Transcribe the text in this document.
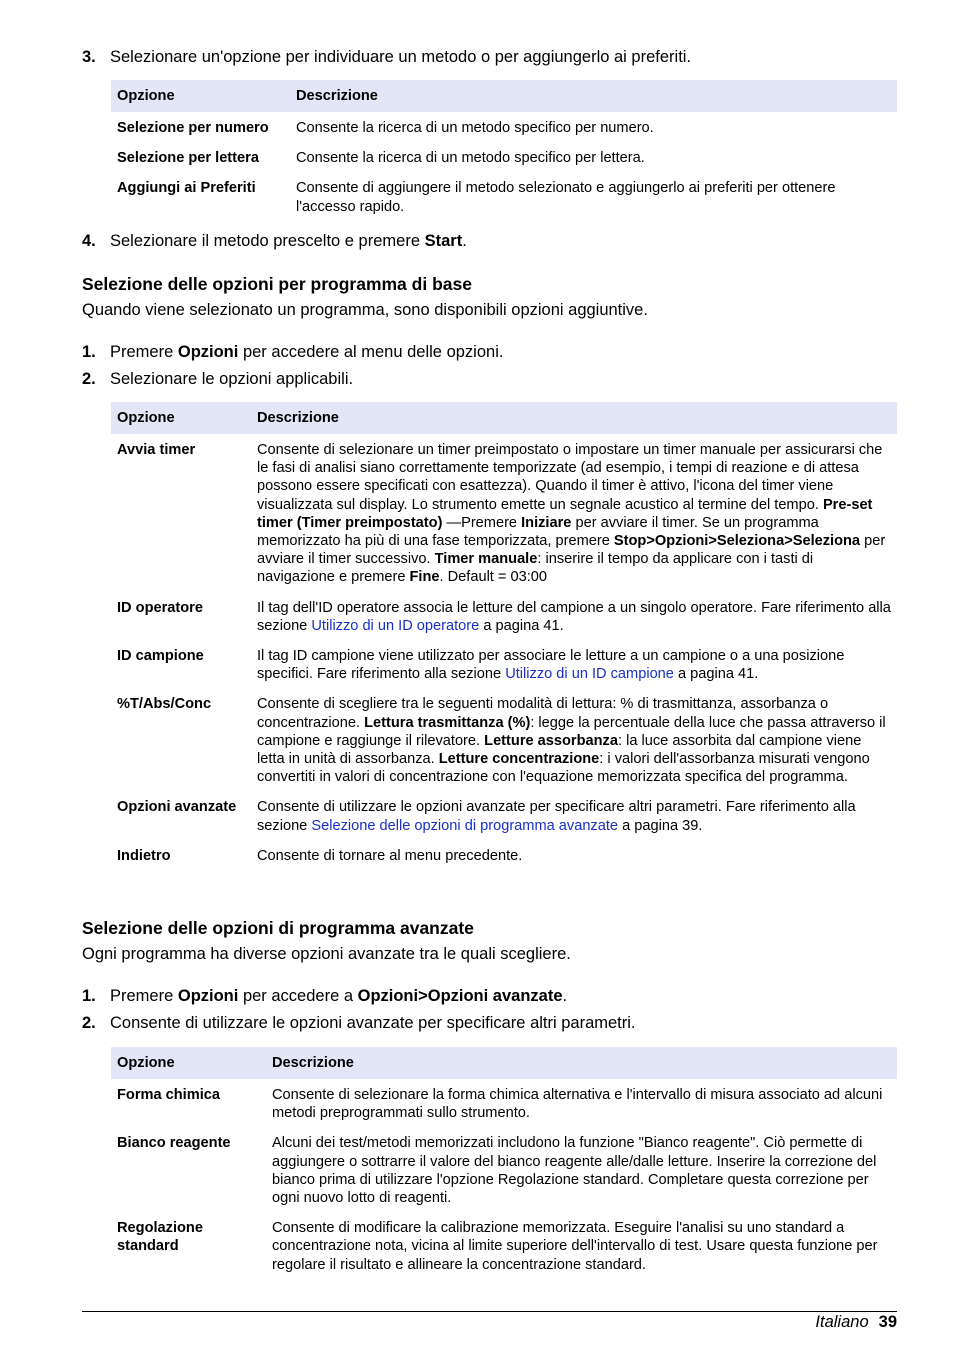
3. Selezionare un'opzione per individuare un metodo o per aggiungerlo ai preferiti.
Opzione	Descrizione
Selezione per numero	Consente la ricerca di un metodo specifico per numero.
Selezione per lettera	Consente la ricerca di un metodo specifico per lettera.
Aggiungi ai Preferiti	Consente di aggiungere il metodo selezionato e aggiungerlo ai preferiti per ottenere l'accesso rapido.
4. Selezionare il metodo prescelto e premere Start.
Selezione delle opzioni per programma di base
Quando viene selezionato un programma, sono disponibili opzioni aggiuntive.
1. Premere Opzioni per accedere al menu delle opzioni.
2. Selezionare le opzioni applicabili.
Opzione	Descrizione
Avvia timer	Consente di selezionare un timer preimpostato o impostare un timer manuale per assicurarsi che le fasi di analisi siano correttamente temporizzate (ad esempio, i tempi di reazione e di attesa possono essere specificati con esattezza). Quando il timer è attivo, l'icona del timer viene visualizzata sul display. Lo strumento emette un segnale acustico al termine del tempo. Pre-set timer (Timer preimpostato) —Premere Iniziare per avviare il timer. Se un programma memorizzato ha più di una fase temporizzata, premere Stop>Opzioni>Seleziona>Seleziona per avviare il timer successivo. Timer manuale: inserire il tempo da applicare con i tasti di navigazione e premere Fine. Default = 03:00
ID operatore	Il tag dell'ID operatore associa le letture del campione a un singolo operatore. Fare riferimento alla sezione Utilizzo di un ID operatore a pagina 41.
ID campione	Il tag ID campione viene utilizzato per associare le letture a un campione o a una posizione specifici. Fare riferimento alla sezione Utilizzo di un ID campione a pagina 41.
%T/Abs/Conc	Consente di scegliere tra le seguenti modalità di lettura: % di trasmittanza, assorbanza o concentrazione. Lettura trasmittanza (%): legge la percentuale della luce che passa attraverso il campione e raggiunge il rilevatore. Letture assorbanza: la luce assorbita dal campione viene letta in unità di assorbanza. Letture concentrazione: i valori dell'assorbanza misurati vengono convertiti in valori di concentrazione con l'equazione memorizzata specifica del programma.
Opzioni avanzate	Consente di utilizzare le opzioni avanzate per specificare altri parametri. Fare riferimento alla sezione Selezione delle opzioni di programma avanzate a pagina 39.
Indietro	Consente di tornare al menu precedente.
Selezione delle opzioni di programma avanzate
Ogni programma ha diverse opzioni avanzate tra le quali scegliere.
1. Premere Opzioni per accedere a Opzioni>Opzioni avanzate.
2. Consente di utilizzare le opzioni avanzate per specificare altri parametri.
Opzione	Descrizione
Forma chimica	Consente di selezionare la forma chimica alternativa e l'intervallo di misura associato ad alcuni metodi preprogrammati sullo strumento.
Bianco reagente	Alcuni dei test/metodi memorizzati includono la funzione "Bianco reagente". Ciò permette di aggiungere o sottrarre il valore del bianco reagente alle/dalle letture. Inserire la correzione del bianco prima di utilizzare l'opzione Regolazione standard. Completare questa correzione per ogni nuovo lotto di reagenti.
Regolazione standard	Consente di modificare la calibrazione memorizzata. Eseguire l'analisi su uno standard a concentrazione nota, vicina al limite superiore dell'intervallo di test. Usare questa funzione per regolare il risultato e allineare la concentrazione standard.
Italiano 39
